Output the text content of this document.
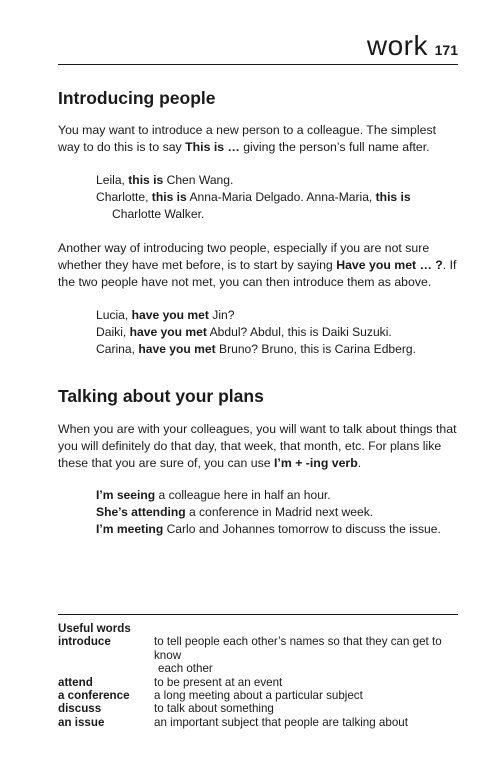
work 171
Introducing people

You may want to introduce a new person to a colleague. The simplest way to do this is to say This is … giving the person’s full name after.

Leila, this is Chen Wang.
Charlotte, this is Anna-Maria Delgado. Anna-Maria, this is
Charlotte Walker.

Another way of introducing two people, especially if you are not sure whether they have met before, is to start by saying Have you met … ?. If the two people have not met, you can then introduce them as above.

Lucia, have you met Jin?
Daiki, have you met Abdul? Abdul, this is Daiki Suzuki.
Carina, have you met Bruno? Bruno, this is Carina Edberg.
Talking about your plans

When you are with your colleagues, you will want to talk about things that you will definitely do that day, that week, that month, etc. For plans like these that you are sure of, you can use I’m + -ing verb.

I’m seeing a colleague here in half an hour.
She’s attending a conference in Madrid next week.
I’m meeting Carlo and Johannes tomorrow to discuss the issue.
Useful words
introduce	to tell people each other’s names so that they can get to know
each other
attend	to be present at an event
a conference	a long meeting about a particular subject
discuss	to talk about something
an issue	an important subject that people are talking about
